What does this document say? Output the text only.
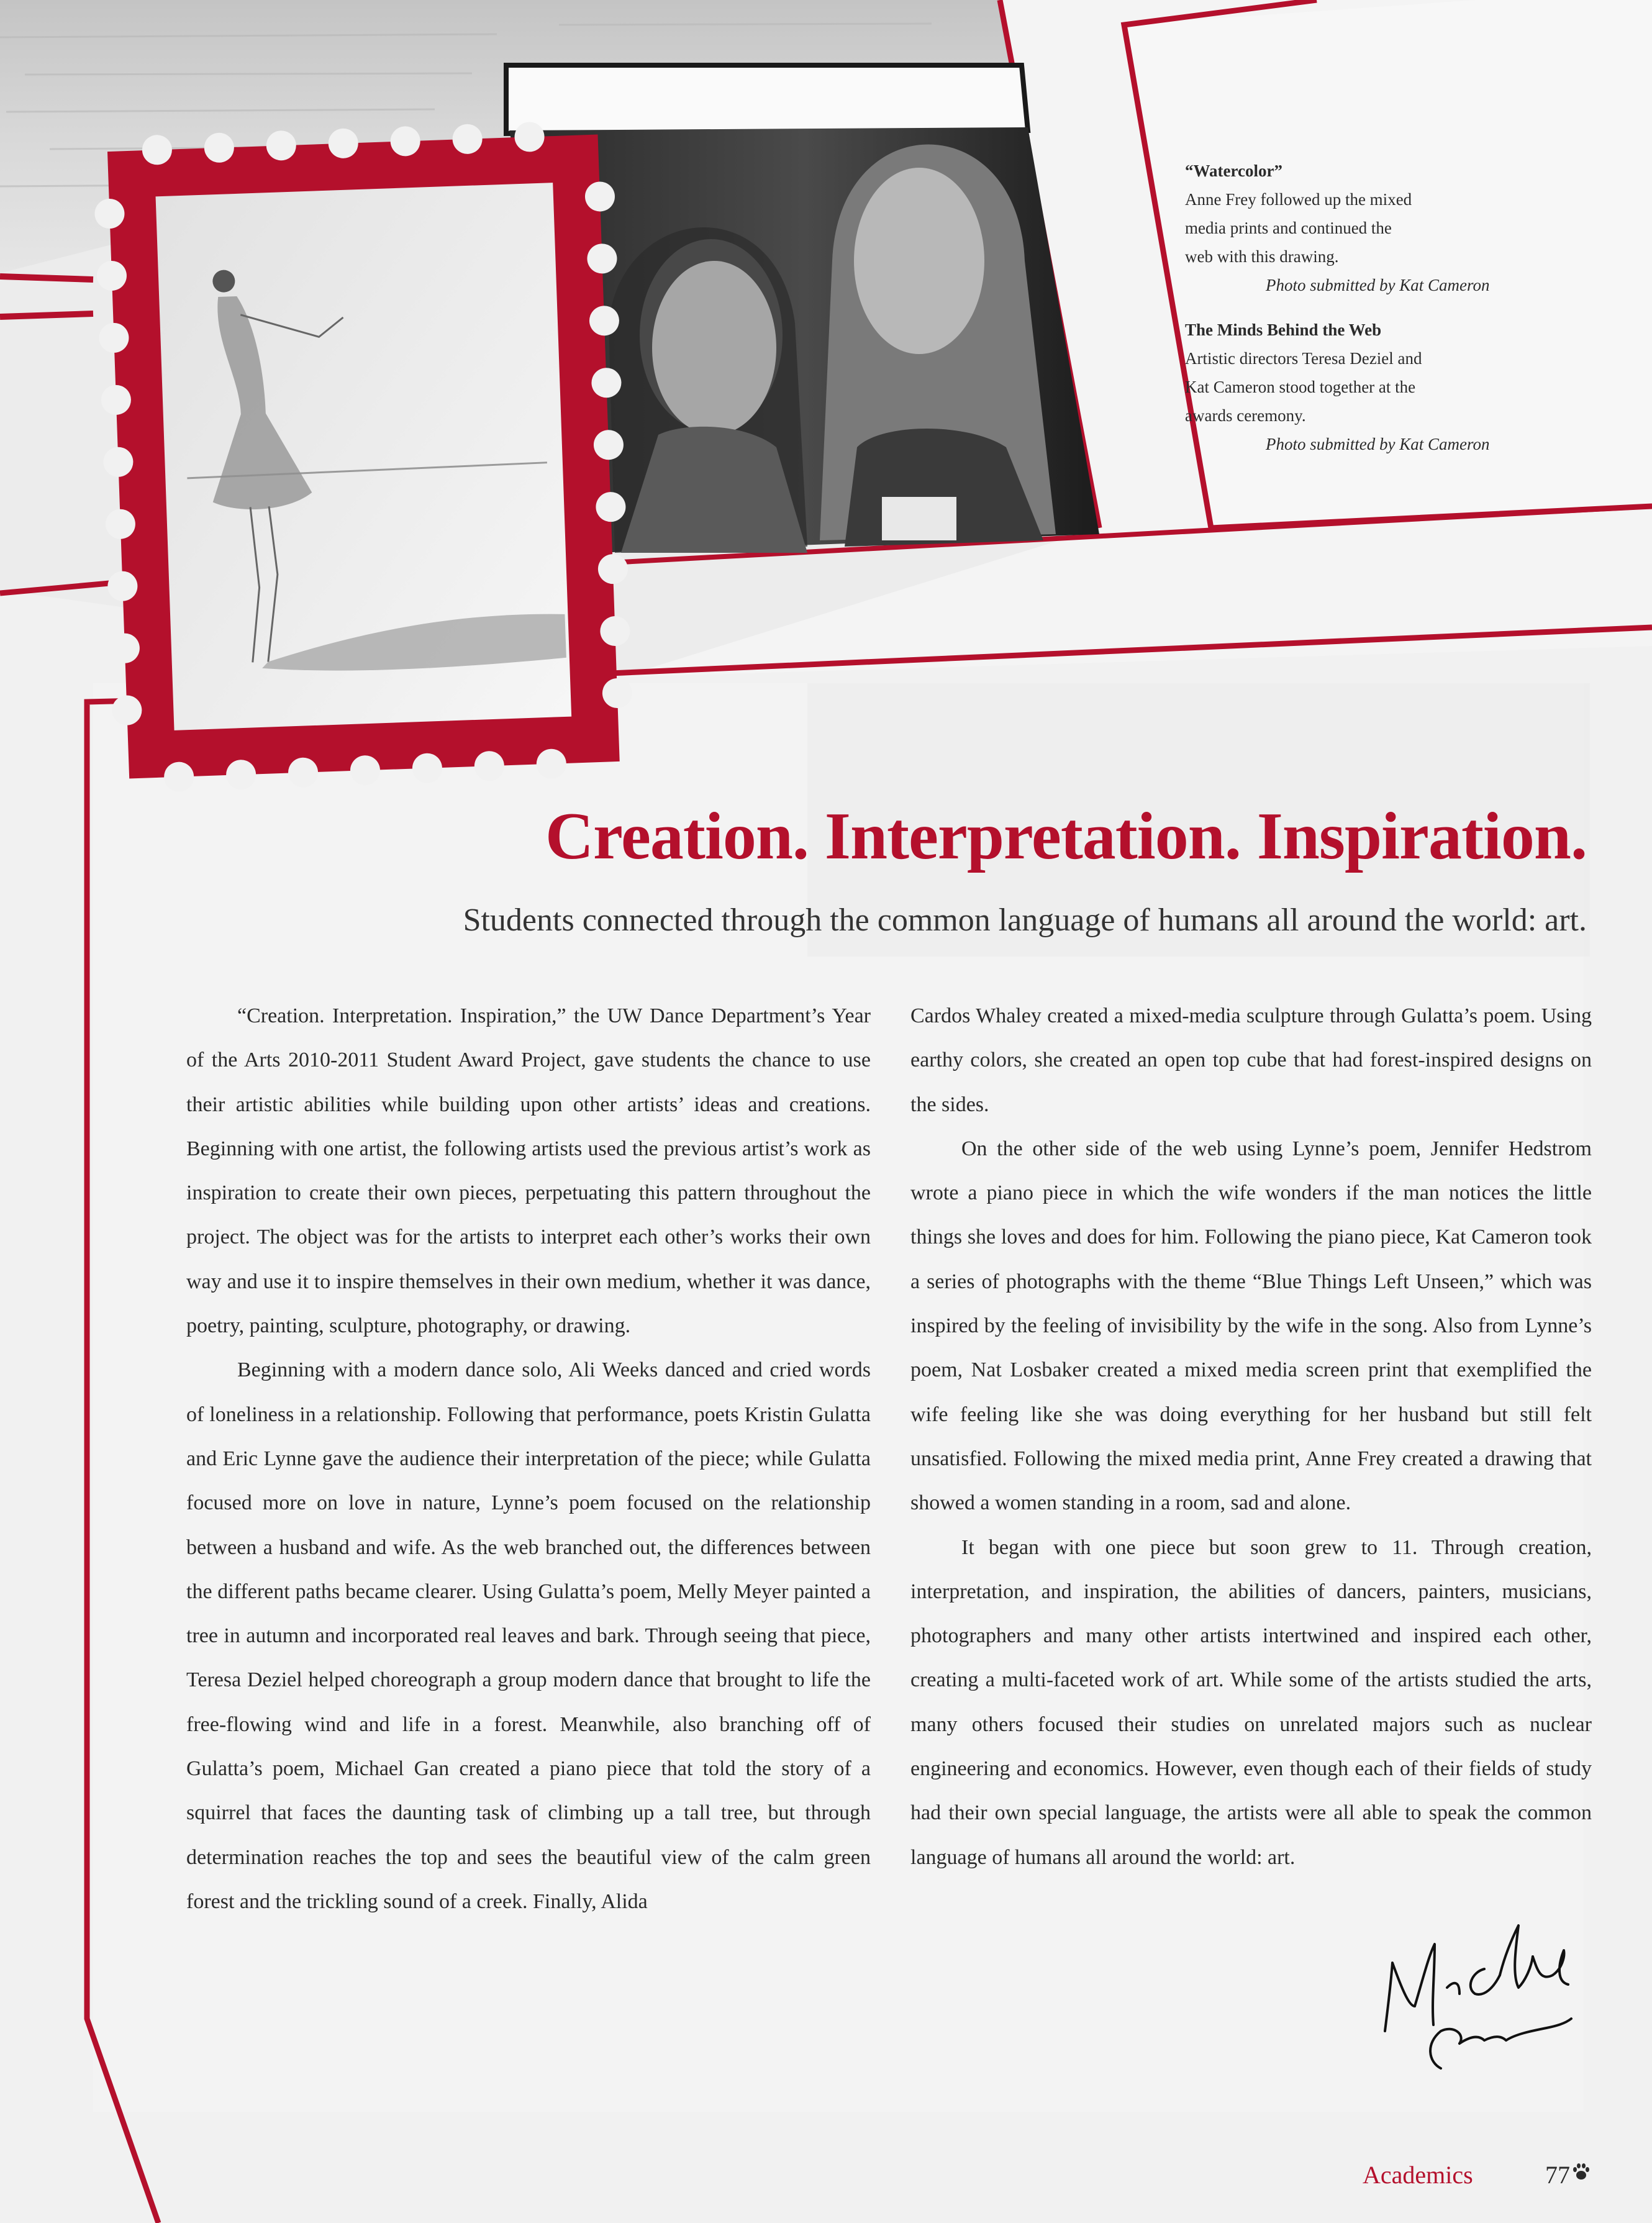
“Watercolor”
Anne Frey followed up the mixed
media prints and continued the
web with this drawing.
Photo submitted by Kat Cameron
The Minds Behind the Web
Artistic directors Teresa Deziel and
Kat Cameron stood together at the
awards ceremony.
Photo submitted by Kat Cameron
Creation. Interpretation. Inspiration.
Students connected through the common language of humans all around the world: art.

“Creation. Interpretation. Inspiration,” the UW Dance Department’s Year of the Arts 2010-2011 Student Award Project, gave students the chance to use their artistic abilities while building upon other artists’ ideas and creations. Beginning with one artist, the following artists used the previous artist’s work as inspiration to create their own pieces, perpetuating this pattern throughout the project. The object was for the artists to interpret each other’s works their own way and use it to inspire themselves in their own medium, whether it was dance, poetry, painting, sculpture, photography, or drawing.

Beginning with a modern dance solo, Ali Weeks danced and cried words of loneliness in a relationship. Following that performance, poets Kristin Gulatta and Eric Lynne gave the audience their interpretation of the piece; while Gulatta focused more on love in nature, Lynne’s poem focused on the relationship between a husband and wife. As the web branched out, the differences between the different paths became clearer. Using Gulatta’s poem, Melly Meyer painted a tree in autumn and incorporated real leaves and bark. Through seeing that piece, Teresa Deziel helped choreograph a group modern dance that brought to life the free-flowing wind and life in a forest. Meanwhile, also branching off of Gulatta’s poem, Michael Gan created a piano piece that told the story of a squirrel that faces the daunting task of climbing up a tall tree, but through determination reaches the top and sees the beautiful view of the calm green forest and the trickling sound of a creek. Finally, Alida

Cardos Whaley created a mixed-media sculpture through Gulatta’s poem. Using earthy colors, she created an open top cube that had forest-inspired designs on the sides.

On the other side of the web using Lynne’s poem, Jennifer Hedstrom wrote a piano piece in which the wife wonders if the man notices the little things she loves and does for him. Following the piano piece, Kat Cameron took a series of photographs with the theme “Blue Things Left Unseen,” which was inspired by the feeling of invisibility by the wife in the song. Also from Lynne’s poem, Nat Losbaker created a mixed media screen print that exemplified the wife feeling like she was doing everything for her husband but still felt unsatisfied. Following the mixed media print, Anne Frey created a drawing that showed a women standing in a room, sad and alone.

It began with one piece but soon grew to 11. Through creation, interpretation, and inspiration, the abilities of dancers, painters, musicians, photographers and many other artists intertwined and inspired each other, creating a multi-faceted work of art. While some of the artists studied the arts, many others focused their studies on unrelated majors such as nuclear engineering and economics. However, even though each of their fields of study had their own special language, the artists were all able to speak the common language of humans all around the world: art.

Academics	77
